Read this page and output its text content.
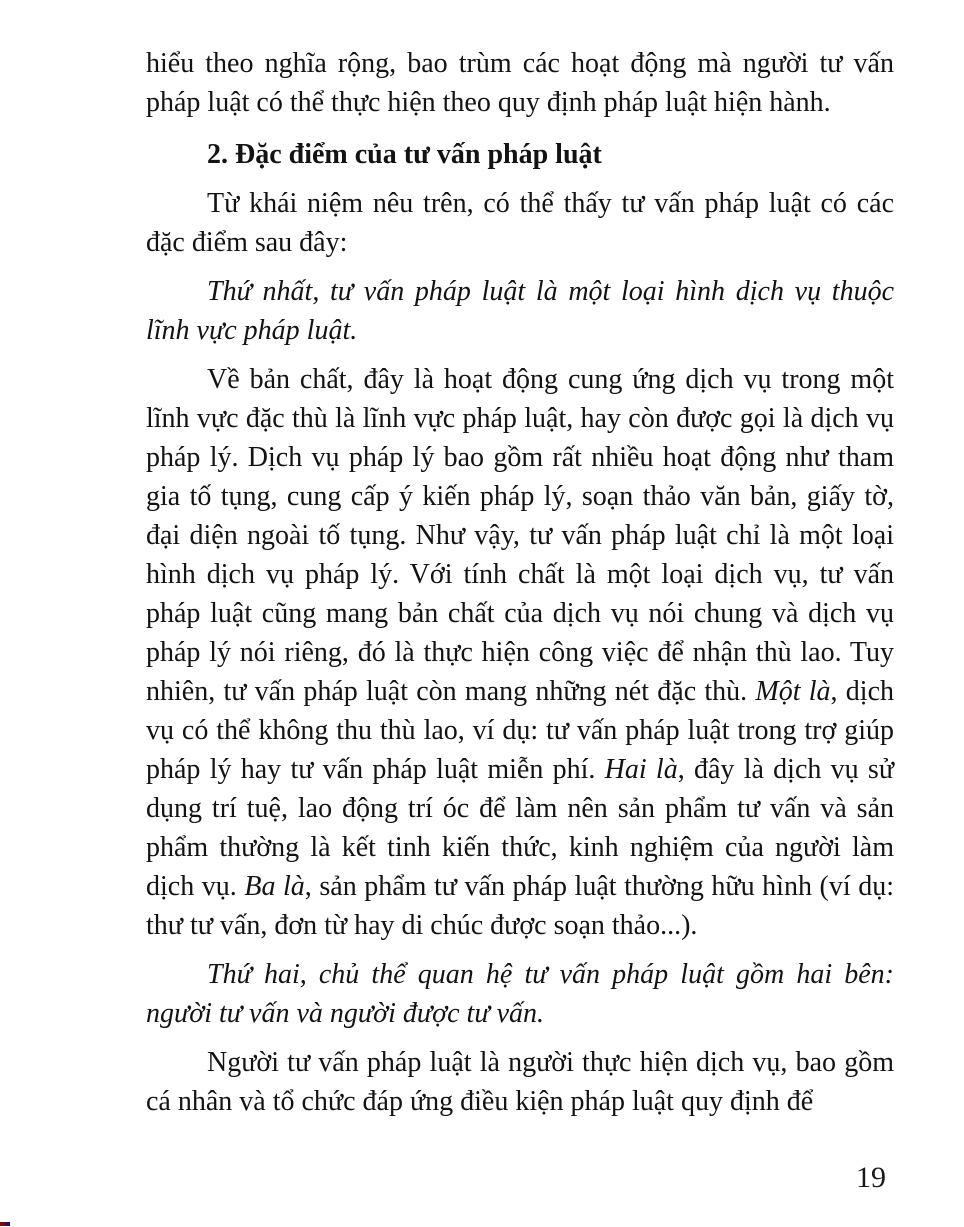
hiểu theo nghĩa rộng, bao trùm các hoạt động mà người tư vấn pháp luật có thể thực hiện theo quy định pháp luật hiện hành.

2. Đặc điểm của tư vấn pháp luật

Từ khái niệm nêu trên, có thể thấy tư vấn pháp luật có các đặc điểm sau đây:

Thứ nhất, tư vấn pháp luật là một loại hình dịch vụ thuộc lĩnh vực pháp luật.

Về bản chất, đây là hoạt động cung ứng dịch vụ trong một lĩnh vực đặc thù là lĩnh vực pháp luật, hay còn được gọi là dịch vụ pháp lý. Dịch vụ pháp lý bao gồm rất nhiều hoạt động như tham gia tố tụng, cung cấp ý kiến pháp lý, soạn thảo văn bản, giấy tờ, đại diện ngoài tố tụng. Như vậy, tư vấn pháp luật chỉ là một loại hình dịch vụ pháp lý. Với tính chất là một loại dịch vụ, tư vấn pháp luật cũng mang bản chất của dịch vụ nói chung và dịch vụ pháp lý nói riêng, đó là thực hiện công việc để nhận thù lao. Tuy nhiên, tư vấn pháp luật còn mang những nét đặc thù. Một là, dịch vụ có thể không thu thù lao, ví dụ: tư vấn pháp luật trong trợ giúp pháp lý hay tư vấn pháp luật miễn phí. Hai là, đây là dịch vụ sử dụng trí tuệ, lao động trí óc để làm nên sản phẩm tư vấn và sản phẩm thường là kết tinh kiến thức, kinh nghiệm của người làm dịch vụ. Ba là, sản phẩm tư vấn pháp luật thường hữu hình (ví dụ: thư tư vấn, đơn từ hay di chúc được soạn thảo...).

Thứ hai, chủ thể quan hệ tư vấn pháp luật gồm hai bên: người tư vấn và người được tư vấn.

Người tư vấn pháp luật là người thực hiện dịch vụ, bao gồm cá nhân và tổ chức đáp ứng điều kiện pháp luật quy định để

19
